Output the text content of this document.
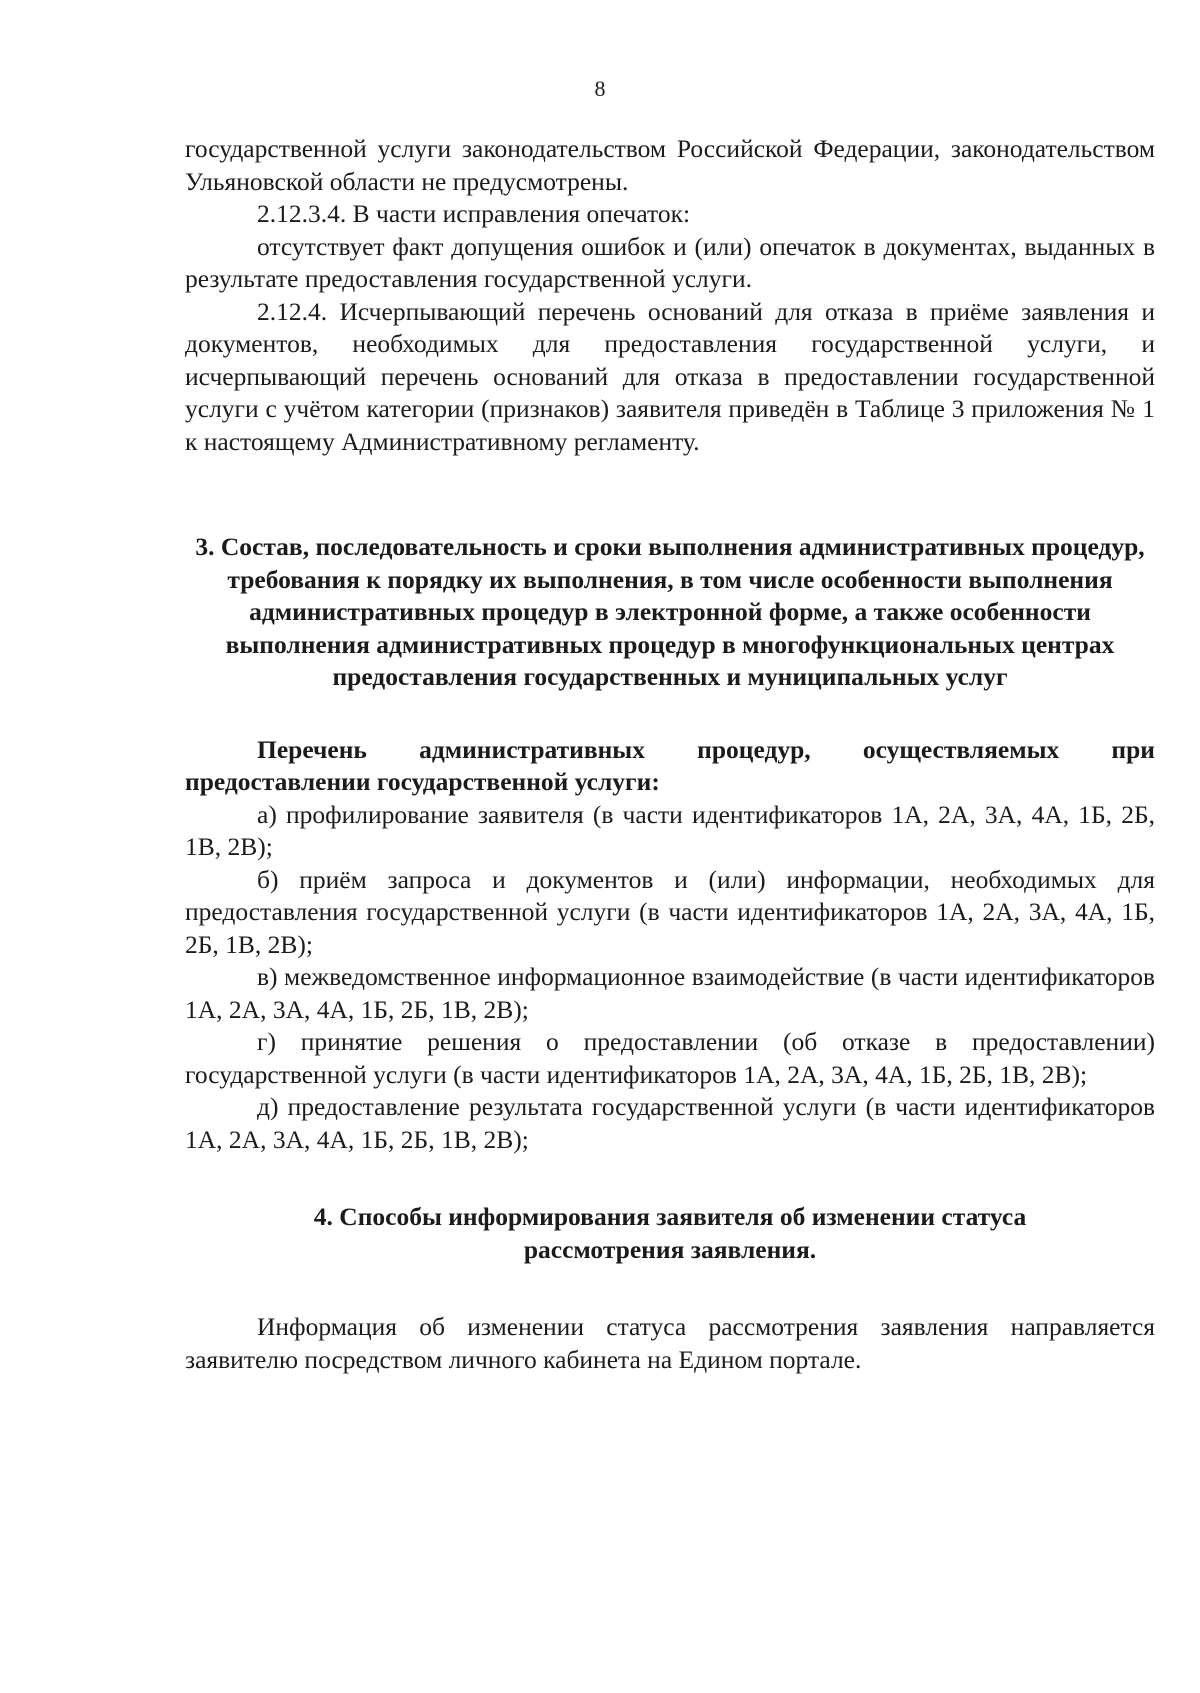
8

государственной услуги законодательством Российской Федерации, законодательством Ульяновской области не предусмотрены.

2.12.3.4. В части исправления опечаток:

отсутствует факт допущения ошибок и (или) опечаток в документах, выданных в результате предоставления государственной услуги.

2.12.4. Исчерпывающий перечень оснований для отказа в приёме заявления и документов, необходимых для предоставления государственной услуги, и исчерпывающий перечень оснований для отказа в предоставлении государственной услуги с учётом категории (признаков) заявителя приведён в Таблице 3 приложения № 1 к настоящему Административному регламенту.

3. Состав, последовательность и сроки выполнения административных процедур, требования к порядку их выполнения, в том числе особенности выполнения административных процедур в электронной форме, а также особенности выполнения административных процедур в многофункциональных центрах предоставления государственных и муниципальных услуг

Перечень административных процедур, осуществляемых при предоставлении государственной услуги:

а) профилирование заявителя (в части идентификаторов 1А, 2А, 3А, 4А, 1Б, 2Б, 1В, 2В);

б) приём запроса и документов и (или) информации, необходимых для предоставления государственной услуги (в части идентификаторов 1А, 2А, 3А, 4А, 1Б, 2Б, 1В, 2В);

в) межведомственное информационное взаимодействие (в части идентификаторов 1А, 2А, 3А, 4А, 1Б, 2Б, 1В, 2В);

г) принятие решения о предоставлении (об отказе в предоставлении) государственной услуги (в части идентификаторов 1А, 2А, 3А, 4А, 1Б, 2Б, 1В, 2В);

д) предоставление результата государственной услуги (в части идентификаторов 1А, 2А, 3А, 4А, 1Б, 2Б, 1В, 2В);

4. Способы информирования заявителя об изменении статуса
рассмотрения заявления.

Информация об изменении статуса рассмотрения заявления направляется заявителю посредством личного кабинета на Едином портале.
